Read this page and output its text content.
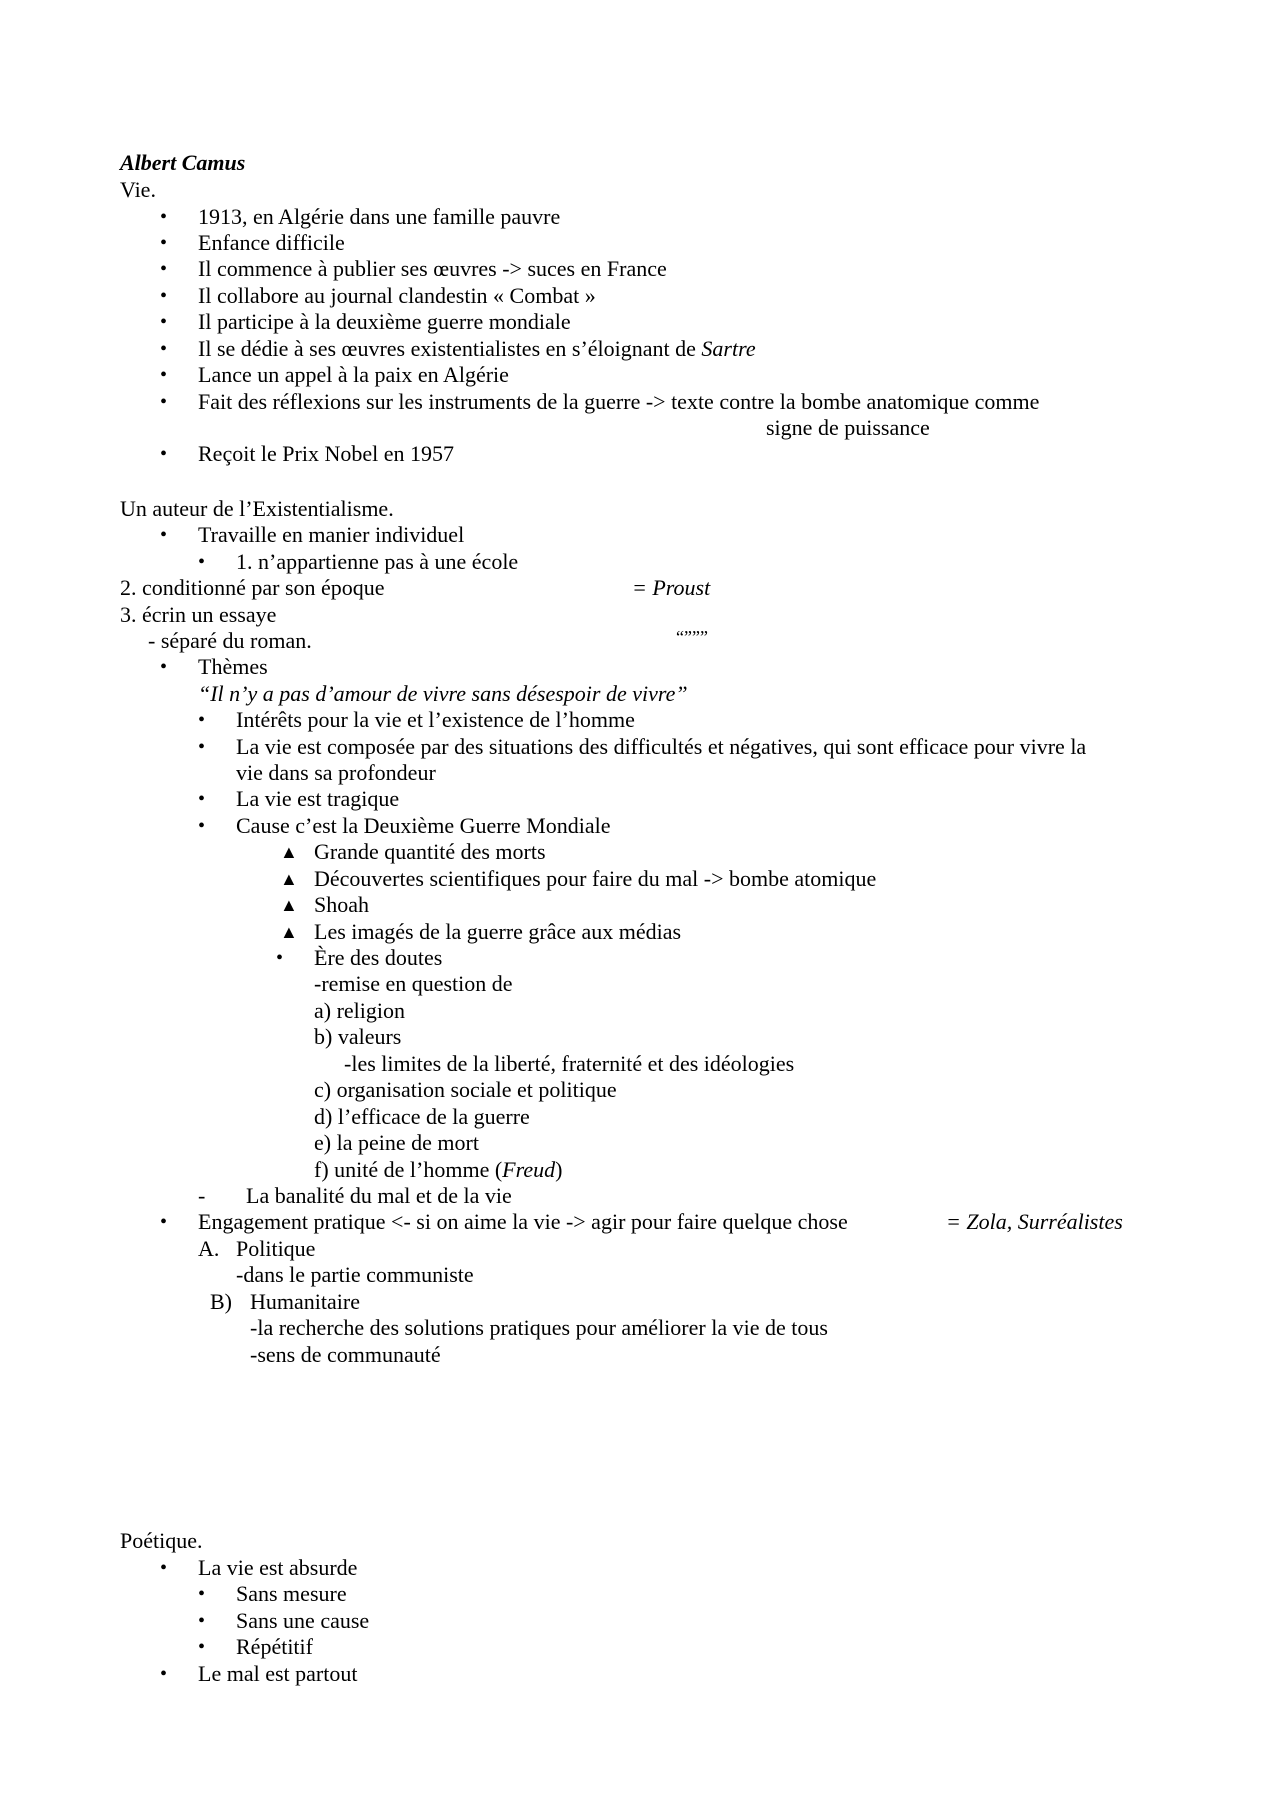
Albert Camus
Vie.
• 1913, en Algérie dans une famille pauvre
• Enfance difficile
• Il commence à publier ses œuvres -> suces en France
• Il collabore au journal clandestin « Combat »
• Il participe à la deuxième guerre mondiale
• Il se dédie à ses œuvres existentialistes en s’éloignant de Sartre
• Lance un appel à la paix en Algérie
• Fait des réflexions sur les instruments de la guerre -> texte contre la bombe anatomique comme
signe de puissance
• Reçoit le Prix Nobel en 1957
Un auteur de l’Existentialisme.
• Travaille en manier individuel
• 1. n’appartienne pas à une école
2. conditionné par son époque	= Proust
3. écrin un essaye
- séparé du roman.	“”””
• Thèmes
“Il n’y a pas d’amour de vivre sans désespoir de vivre”
• Intérêts pour la vie et l’existence de l’homme
• La vie est composée par des situations des difficultés et négatives, qui sont efficace pour vivre la
vie dans sa profondeur
• La vie est tragique
• Cause c’est la Deuxième Guerre Mondiale
▲ Grande quantité des morts
▲ Découvertes scientifiques pour faire du mal -> bombe atomique
▲ Shoah
▲ Les imagés de la guerre grâce aux médias
• Ère des doutes
-remise en question de
a) religion
b) valeurs
-les limites de la liberté, fraternité et des idéologies
c) organisation sociale et politique
d) l’efficace de la guerre
e) la peine de mort
f) unité de l’homme (Freud)
- La banalité du mal et de la vie
• Engagement pratique <- si on aime la vie -> agir pour faire quelque chose	= Zola, Surréalistes
A. Politique
-dans le partie communiste
B) Humanitaire
-la recherche des solutions pratiques pour améliorer la vie de tous
-sens de communauté
Poétique.
• La vie est absurde
• Sans mesure
• Sans une cause
• Répétitif
• Le mal est partout
